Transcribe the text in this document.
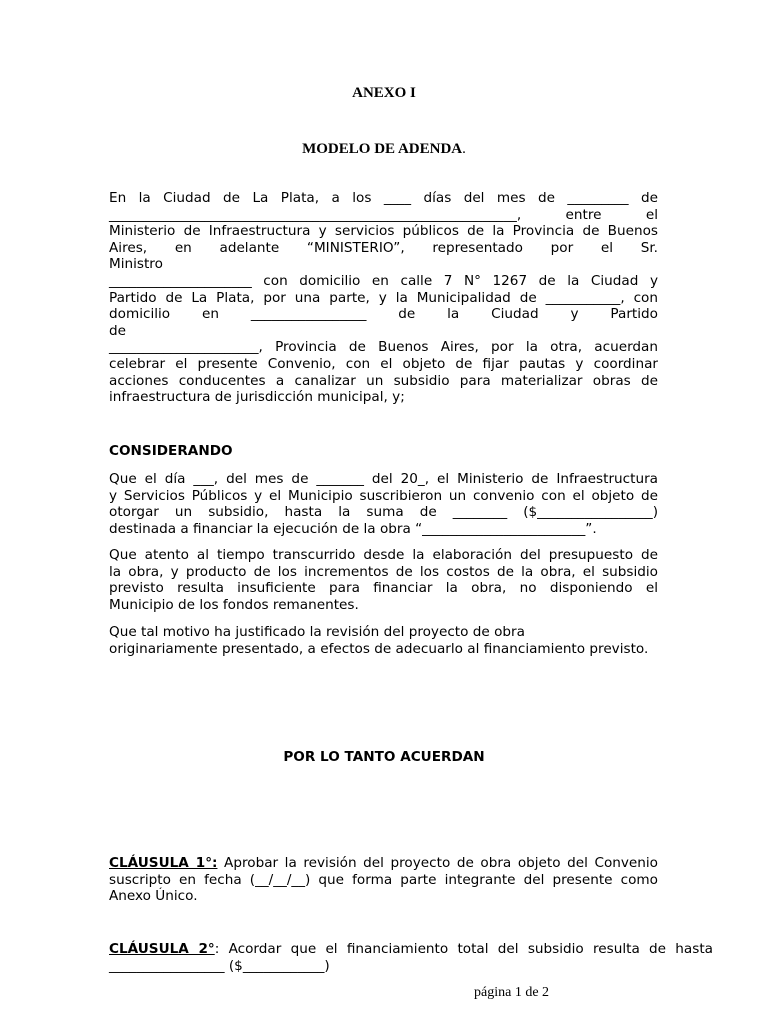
ANEXO I
MODELO DE ADENDA.
En la Ciudad de La Plata, a los ____ días del mes de _________ de
____________________________________________________________, entre el
Ministerio de Infraestructura y servicios públicos de la Provincia de Buenos
Aires, en adelante “MINISTERIO”, representado por el Sr.
Ministro
_____________________ con domicilio en calle 7 N° 1267 de la Ciudad y
Partido de La Plata, por una parte, y la Municipalidad de ___________, con
domicilio en _________________ de la Ciudad y Partido
de
______________________, Provincia de Buenos Aires, por la otra, acuerdan
celebrar el presente Convenio, con el objeto de fijar pautas y coordinar
acciones conducentes a canalizar un subsidio para materializar obras de
infraestructura de jurisdicción municipal, y;
CONSIDERANDO
Que el día ___, del mes de _______ del 20_, el Ministerio de Infraestructura
y Servicios Públicos y el Municipio suscribieron un convenio con el objeto de
otorgar un subsidio, hasta la suma de ________ ($_________________)
destinada a financiar la ejecución de la obra “________________________”.
Que atento al tiempo transcurrido desde la elaboración del presupuesto de
la obra, y producto de los incrementos de los costos de la obra, el subsidio
previsto resulta insuficiente para financiar la obra, no disponiendo el
Municipio de los fondos remanentes.
Que tal motivo ha justificado la revisión del proyecto de obra
originariamente presentado, a efectos de adecuarlo al financiamiento previsto.
POR LO TANTO ACUERDAN
CLÁUSULA 1°: Aprobar la revisión del proyecto de obra objeto del Convenio
suscripto en fecha (__/__/__) que forma parte integrante del presente como
Anexo Único.
CLÁUSULA 2°: Acordar que el financiamiento total del subsidio resulta de hasta
_________________ ($____________)
página 1 de 2
